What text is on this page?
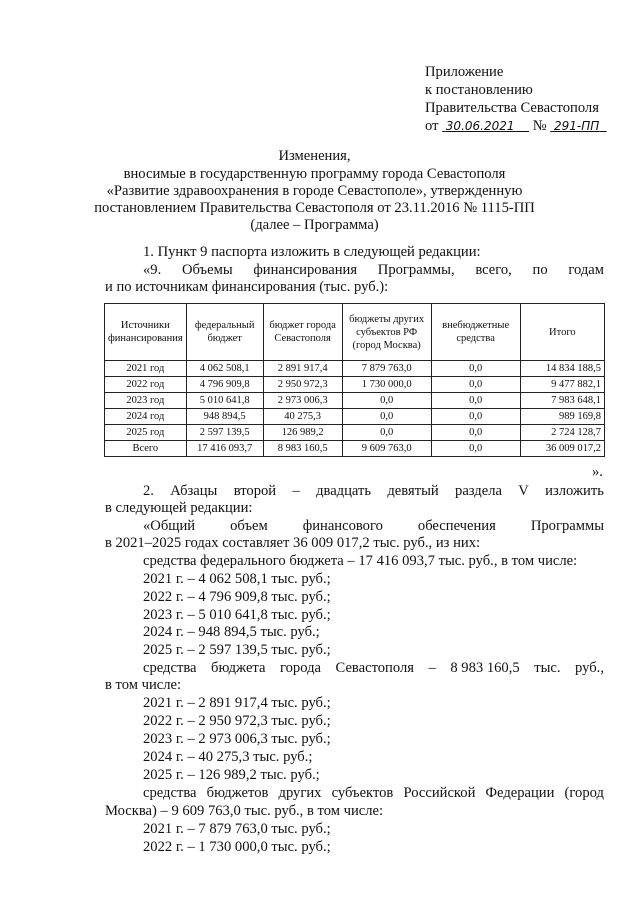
Приложение
к постановлению
Правительства Севастополя
от 30.06.2021 № 291-ПП
Изменения,
вносимые в государственную программу города Севастополя
«Развитие здравоохранения в городе Севастополе», утвержденную
постановлением Правительства Севастополя от 23.11.2016 № 1115-ПП
(далее – Программа)
1. Пункт 9 паспорта изложить в следующей редакции:
«9. Объемы финансирования Программы, всего, по годам
и по источникам финансирования (тыс. руб.):
Источники финансирования	федеральный бюджет	бюджет города Севастополя	бюджеты других субъектов РФ (город Москва)	внебюджетные средства	Итого
2021 год	4 062 508,1	2 891 917,4	7 879 763,0	0,0	14 834 188,5
2022 год	4 796 909,8	2 950 972,3	1 730 000,0	0,0	9 477 882,1
2023 год	5 010 641,8	2 973 006,3	0,0	0,0	7 983 648,1
2024 год	948 894,5	40 275,3	0,0	0,0	989 169,8
2025 год	2 597 139,5	126 989,2	0,0	0,0	2 724 128,7
Всего	17 416 093,7	8 983 160,5	9 609 763,0	0,0	36 009 017,2
».
2. Абзацы второй – двадцать девятый раздела V изложить
в следующей редакции:
«Общий объем финансового обеспечения Программы
в 2021–2025 годах составляет 36 009 017,2 тыс. руб., из них:
средства федерального бюджета – 17 416 093,7 тыс. руб., в том числе:
2021 г. – 4 062 508,1 тыс. руб.;
2022 г. – 4 796 909,8 тыс. руб.;
2023 г. – 5 010 641,8 тыс. руб.;
2024 г. – 948 894,5 тыс. руб.;
2025 г. – 2 597 139,5 тыс. руб.;
средства бюджета города Севастополя – 8 983 160,5 тыс. руб.,
в том числе:
2021 г. – 2 891 917,4 тыс. руб.;
2022 г. – 2 950 972,3 тыс. руб.;
2023 г. – 2 973 006,3 тыс. руб.;
2024 г. – 40 275,3 тыс. руб.;
2025 г. – 126 989,2 тыс. руб.;
средства бюджетов других субъектов Российской Федерации (город
Москва) – 9 609 763,0 тыс. руб., в том числе:
2021 г. – 7 879 763,0 тыс. руб.;
2022 г. – 1 730 000,0 тыс. руб.;
